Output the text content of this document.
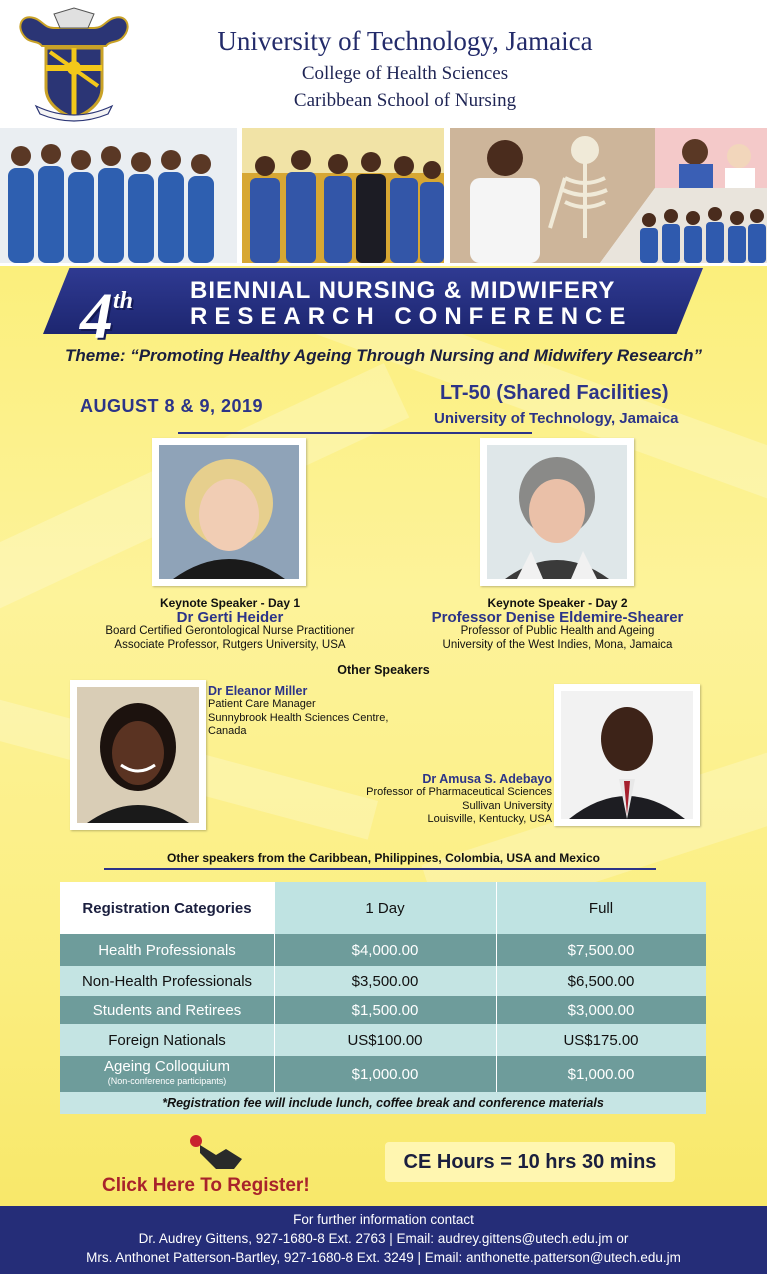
University of Technology, Jamaica
College of Health Sciences
Caribbean School of Nursing
4th BIENNIAL NURSING & MIDWIFERY
RESEARCH CONFERENCE
Theme: “Promoting Healthy Ageing Through Nursing and Midwifery Research”
AUGUST 8 & 9, 2019
LT-50 (Shared Facilities)
University of Technology, Jamaica
Keynote Speaker - Day 1
Dr Gerti Heider
Board Certified Gerontological Nurse Practitioner
Associate Professor, Rutgers University, USA
Keynote Speaker - Day 2
Professor Denise Eldemire-Shearer
Professor of Public Health and Ageing
University of the West Indies, Mona, Jamaica
Other Speakers
Dr Eleanor Miller
Patient Care Manager
Sunnybrook Health Sciences Centre,
Canada
Dr Amusa S. Adebayo
Professor of Pharmaceutical Sciences
Sullivan University
Louisville, Kentucky, USA
Other speakers from the Caribbean, Philippines, Colombia, USA and Mexico
Registration Categories	1 Day	Full
Health Professionals	$4,000.00	$7,500.00
Non-Health Professionals	$3,500.00	$6,500.00
Students and Retirees	$1,500.00	$3,000.00
Foreign Nationals	US$100.00	US$175.00
Ageing Colloquium
(Non-conference participants)	$1,000.00	$1,000.00
*Registration fee will include lunch, coffee break and conference materials
Click Here To Register!
CE Hours = 10 hrs 30 mins
For further information contact
Dr. Audrey Gittens, 927-1680-8 Ext. 2763 | Email: audrey.gittens@utech.edu.jm or
Mrs. Anthonet Patterson-Bartley, 927-1680-8 Ext. 3249 | Email: anthonette.patterson@utech.edu.jm
